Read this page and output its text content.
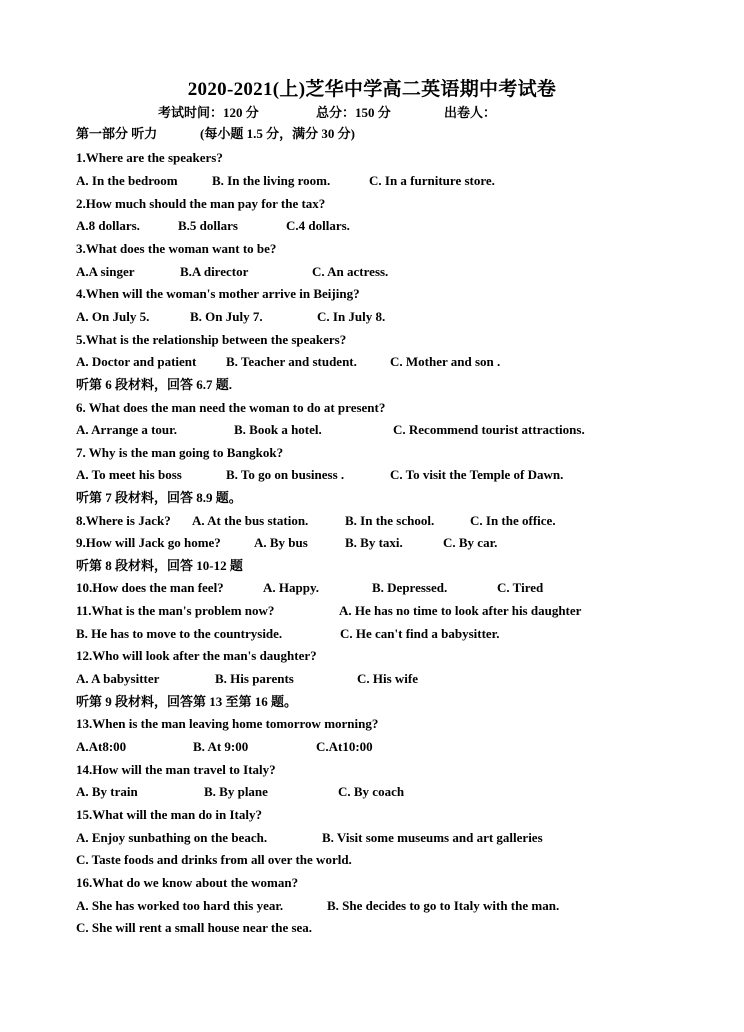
2020-2021(上)芝华中学高二英语期中考试卷
考试时间：120 分	总分：150 分	出卷人：
第一部分 听力	(每小题 1.5 分，满分 30 分)
1.Where are the speakers?
A. In the bedroom	B. In the living room.	C. In a furniture store.
2.How much should the man pay for the tax?
A.8 dollars.	B.5 dollars	C.4 dollars.
3.What does the woman want to be?
A.A singer	B.A director	C. An actress.
4.When will the woman's mother arrive in Beijing?
A. On July 5.	B. On July 7.	C. In July 8.
5.What is the relationship between the speakers?
A. Doctor and patient B. Teacher and student.	C. Mother and son .
听第 6 段材料，回答 6.7 题.
6. What does the man need the woman to do at present?
A. Arrange a tour.	B. Book a hotel.	C. Recommend tourist attractions.
7. Why is the man going to Bangkok?
A. To meet his boss	B. To go on business .	C. To visit the Temple of Dawn.
听第 7 段材料，回答 8.9 题。
8.Where is Jack? A. At the bus station.	B. In the school.	C. In the office.
9.How will Jack go home?	A. By bus	B. By taxi.	C. By car.
听第 8 段材料，回答 10-12 题
10.How does the man feel?	A. Happy.	B. Depressed.	C. Tired
11.What is the man's problem now?	A. He has no time to look after his daughter
B. He has to move to the countryside.	C. He can't find a babysitter.
12.Who will look after the man's daughter?
A. A babysitter	B. His parents	C. His wife
听第 9 段材料，回答第 13 至第 16 题。
13.When is the man leaving home tomorrow morning?
A.At8:00	B. At 9:00	C.At10:00
14.How will the man travel to Italy?
A. By train	B. By plane	C. By coach
15.What will the man do in Italy?
A. Enjoy sunbathing on the beach.	B. Visit some museums and art galleries
C. Taste foods and drinks from all over the world.
16.What do we know about the woman?
A. She has worked too hard this year.	B. She decides to go to Italy with the man.
C. She will rent a small house near the sea.
